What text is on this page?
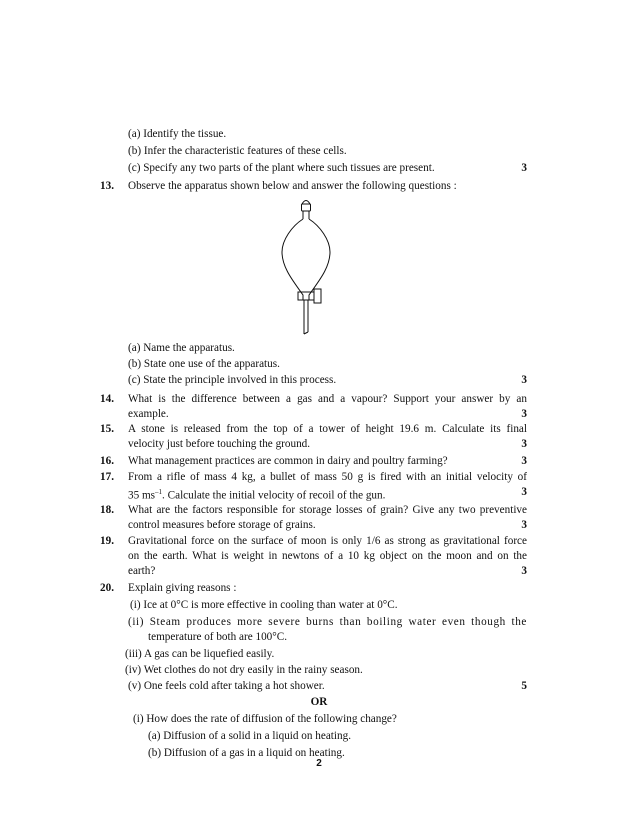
(a) Identify the tissue.
(b) Infer the characteristic features of these cells.
(c) Specify any two parts of the plant where such tissues are present.	3
13. Observe the apparatus shown below and answer the following questions :
(a) Name the apparatus.
(b) State one use of the apparatus.
(c) State the principle involved in this process.	3
14. What is the difference between a gas and a vapour? Support your answer by an
example.	3
15. A stone is released from the top of a tower of height 19.6 m. Calculate its final
velocity just before touching the ground.	3
16. What management practices are common in dairy and poultry farming?	3
17. From a rifle of mass 4 kg, a bullet of mass 50 g is fired with an initial velocity of
35 $ms^{-1}$. Calculate the initial velocity of recoil of the gun.	3
18. What are the factors responsible for storage losses of grain? Give any two preventive
control measures before storage of grains.	3
19. Gravitational force on the surface of moon is only 1/6 as strong as gravitational force
on the earth. What is weight in newtons of a 10 kg object on the moon and on the
earth?	3
20. Explain giving reasons :
(i) Ice at 0°C is more effective in cooling than water at 0°C.
(ii) Steam produces more severe burns than boiling water even though the
temperature of both are 100°C.
(iii) A gas can be liquefied easily.
(iv) Wet clothes do not dry easily in the rainy season.
(v) One feels cold after taking a hot shower.	5
OR
(i) How does the rate of diffusion of the following change?
(a) Diffusion of a solid in a liquid on heating.
(b) Diffusion of a gas in a liquid on heating.
2
